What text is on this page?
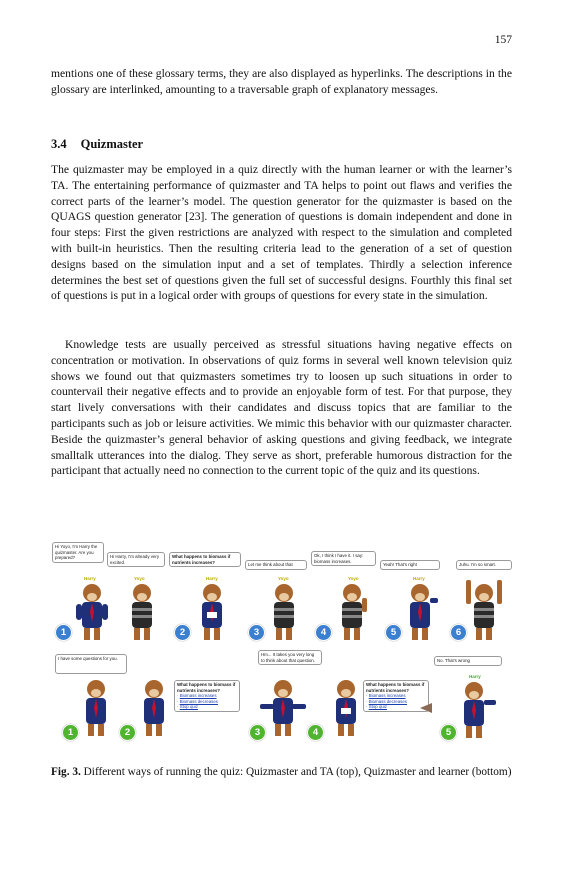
157
mentions one of these glossary terms, they are also displayed as hyperlinks. The descriptions in the glossary are interlinked, amounting to a traversable graph of explanatory messages.
3.4 Quizmaster
The quizmaster may be employed in a quiz directly with the human learner or with the learner’s TA. The entertaining performance of quizmaster and TA helps to point out flaws and verifies the correct parts of the learner’s model. The question generator for the quizmaster is based on the QUAGS question generator [23]. The generation of questions is domain independent and done in four steps: First the given restrictions are analyzed with respect to the simulation and completed with built-in heuristics. Then the resulting criteria lead to the generation of a set of question designs based on the simulation input and a set of templates. Thirdly a selection inference determines the best set of questions given the full set of successful designs. Fourthly this final set of questions is put in a logical order with groups of questions for every state in the simulation.
Knowledge tests are usually perceived as stressful situations having negative effects on concentration or motivation. In observations of quiz forms in several well known television quiz shows we found out that quizmasters sometimes try to loosen up such situations in order to countervail their negative effects and to provide an enjoyable form of test. For that purpose, they start lively conversations with their candidates and discuss topics that are familiar to the participants such as job or leisure activities. We mimic this behavior with our quizmaster character. Beside the quizmaster’s general behavior of asking questions and giving feedback, we integrate smalltalk utterances into the dialog. They serve as short, preferable humorous distraction for the participant that actually need no connection to the current topic of the quiz and its questions.
Hi Yoyo, I'm Harry the quizmaster. Are you prepared?	Hi Harry, I'm already very excited.
What happens to biomass if nutrients increases?	Let me think about that
Ok, I think I have it. I say: biomass increases.
Yeah! That's right	Juhu. I'm so smart.
Harry	Yoyo	Harry	Yoyo	Yoyo	Harry
1	2	3	4	5	6
I have some questions for you.
What happens to biomass if nutrients increases?
· Biomass increases
· Biomass decreases
· Stop quiz
Hm... It takes you very long to think about that question.
What happens to biomass if nutrients increases?
· Biomass increases
· Biomass decreases
· Stop quiz
No. That's wrong
Harry
1	2	3	4	5
Fig. 3. Different ways of running the quiz: Quizmaster and TA (top), Quizmaster and learner (bottom)
